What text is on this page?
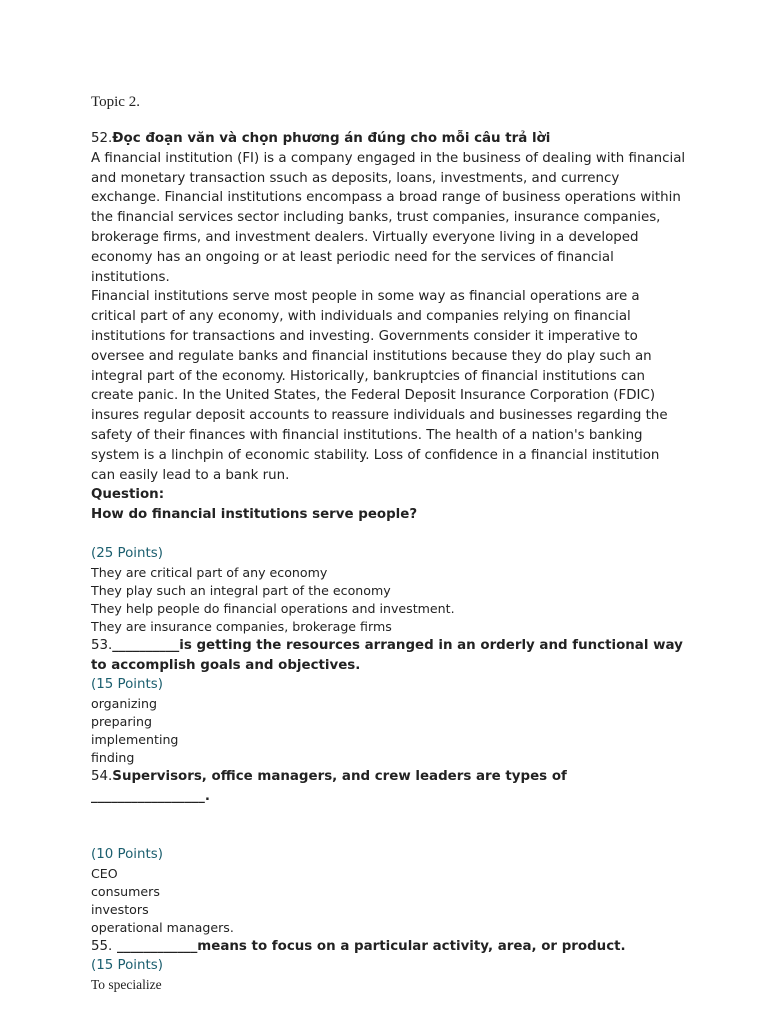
Topic 2.

52.Đọc đoạn văn và chọn phương án đúng cho mỗi câu trả lời

A financial institution (FI) is a company engaged in the business of dealing with financial and monetary transaction ssuch as deposits, loans, investments, and currency exchange. Financial institutions encompass a broad range of business operations within the financial services sector including banks, trust companies, insurance companies, brokerage firms, and investment dealers. Virtually everyone living in a developed economy has an ongoing or at least periodic need for the services of financial institutions.

Financial institutions serve most people in some way as financial operations are a critical part of any economy, with individuals and companies relying on financial institutions for transactions and investing. Governments consider it imperative to oversee and regulate banks and financial institutions because they do play such an integral part of the economy. Historically, bankruptcies of financial institutions can create panic. In the United States, the Federal Deposit Insurance Corporation (FDIC) insures regular deposit accounts to reassure individuals and businesses regarding the safety of their finances with financial institutions. The health of a nation's banking system is a linchpin of economic stability. Loss of confidence in a financial institution can easily lead to a bank run.

Question:

How do financial institutions serve people?

(25 Points)

They are critical part of any economy

They play such an integral part of the economy

They help people do financial operations and investment.

They are insurance companies, brokerage firms

53.__________is getting the resources arranged in an orderly and functional way to accomplish goals and objectives.

(15 Points)

organizing

preparing

implementing

finding

54.Supervisors, office managers, and crew leaders are types of _________________.

(10 Points)

CEO

consumers

investors

operational managers.

55. ____________means to focus on a particular activity, area, or product.

(15 Points)

To specialize
